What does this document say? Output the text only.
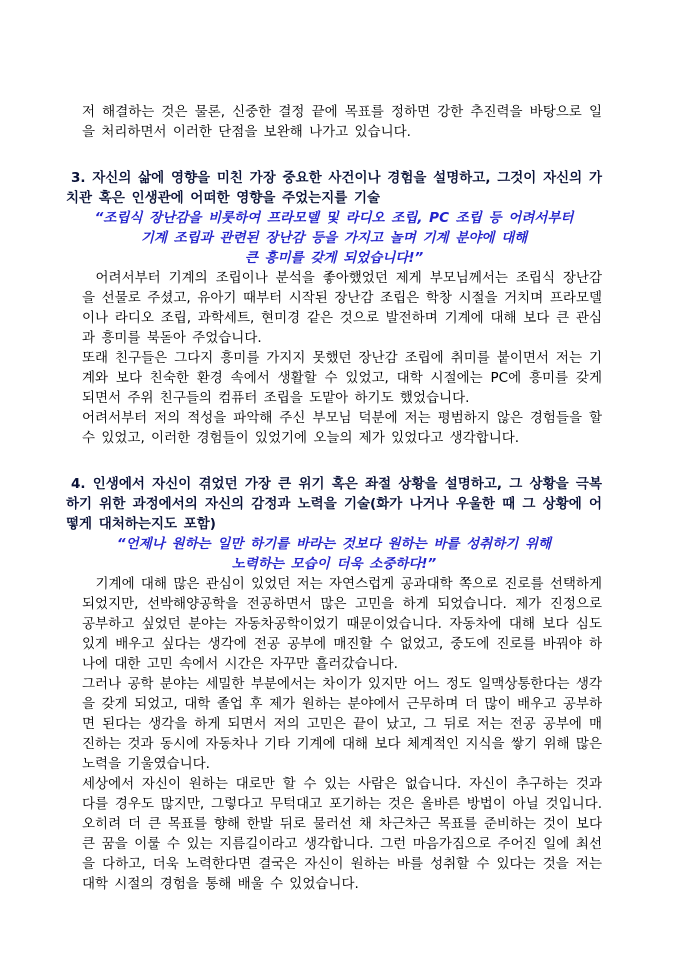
저 해결하는 것은 물론, 신중한 결정 끝에 목표를 정하면 강한 추진력을 바탕으로 일을 처리하면서 이러한 단점을 보완해 나가고 있습니다.

3. 자신의 삶에 영향을 미친 가장 중요한 사건이나 경험을 설명하고, 그것이 자신의 가치관 혹은 인생관에 어떠한 영향을 주었는지를 기술
“조립식 장난감을 비롯하여 프라모델 및 라디오 조립, PC 조립 등 어려서부터
기계 조립과 관련된 장난감 등을 가지고 놀며 기계 분야에 대해
큰 흥미를 갖게 되었습니다!”

어려서부터 기계의 조립이나 분석을 좋아했었던 제게 부모님께서는 조립식 장난감을 선물로 주셨고, 유아기 때부터 시작된 장난감 조립은 학창 시절을 거치며 프라모델이나 라디오 조립, 과학세트, 현미경 같은 것으로 발전하며 기계에 대해 보다 큰 관심과 흥미를 북돋아 주었습니다.

또래 친구들은 그다지 흥미를 가지지 못했던 장난감 조립에 취미를 붙이면서 저는 기계와 보다 친숙한 환경 속에서 생활할 수 있었고, 대학 시절에는 PC에 흥미를 갖게 되면서 주위 친구들의 컴퓨터 조립을 도맡아 하기도 했었습니다.

어려서부터 저의 적성을 파악해 주신 부모님 덕분에 저는 평범하지 않은 경험들을 할 수 있었고, 이러한 경험들이 있었기에 오늘의 제가 있었다고 생각합니다.

4. 인생에서 자신이 겪었던 가장 큰 위기 혹은 좌절 상황을 설명하고, 그 상황을 극복하기 위한 과정에서의 자신의 감정과 노력을 기술(화가 나거나 우울한 때 그 상황에 어떻게 대처하는지도 포함)
“언제나 원하는 일만 하기를 바라는 것보다 원하는 바를 성취하기 위해
노력하는 모습이 더욱 소중하다!”

기계에 대해 많은 관심이 있었던 저는 자연스럽게 공과대학 쪽으로 진로를 선택하게 되었지만, 선박해양공학을 전공하면서 많은 고민을 하게 되었습니다. 제가 진정으로 공부하고 싶었던 분야는 자동차공학이었기 때문이었습니다. 자동차에 대해 보다 심도 있게 배우고 싶다는 생각에 전공 공부에 매진할 수 없었고, 중도에 진로를 바꿔야 하나에 대한 고민 속에서 시간은 자꾸만 흘러갔습니다.

그러나 공학 분야는 세밀한 부분에서는 차이가 있지만 어느 정도 일맥상통한다는 생각을 갖게 되었고, 대학 졸업 후 제가 원하는 분야에서 근무하며 더 많이 배우고 공부하면 된다는 생각을 하게 되면서 저의 고민은 끝이 났고, 그 뒤로 저는 전공 공부에 매진하는 것과 동시에 자동차나 기타 기계에 대해 보다 체계적인 지식을 쌓기 위해 많은 노력을 기울였습니다.

세상에서 자신이 원하는 대로만 할 수 있는 사람은 없습니다. 자신이 추구하는 것과 다를 경우도 많지만, 그렇다고 무턱대고 포기하는 것은 올바른 방법이 아닐 것입니다. 오히려 더 큰 목표를 향해 한발 뒤로 물러선 채 차근차근 목표를 준비하는 것이 보다 큰 꿈을 이룰 수 있는 지름길이라고 생각합니다. 그런 마음가짐으로 주어진 일에 최선을 다하고, 더욱 노력한다면 결국은 자신이 원하는 바를 성취할 수 있다는 것을 저는 대학 시절의 경험을 통해 배울 수 있었습니다.
